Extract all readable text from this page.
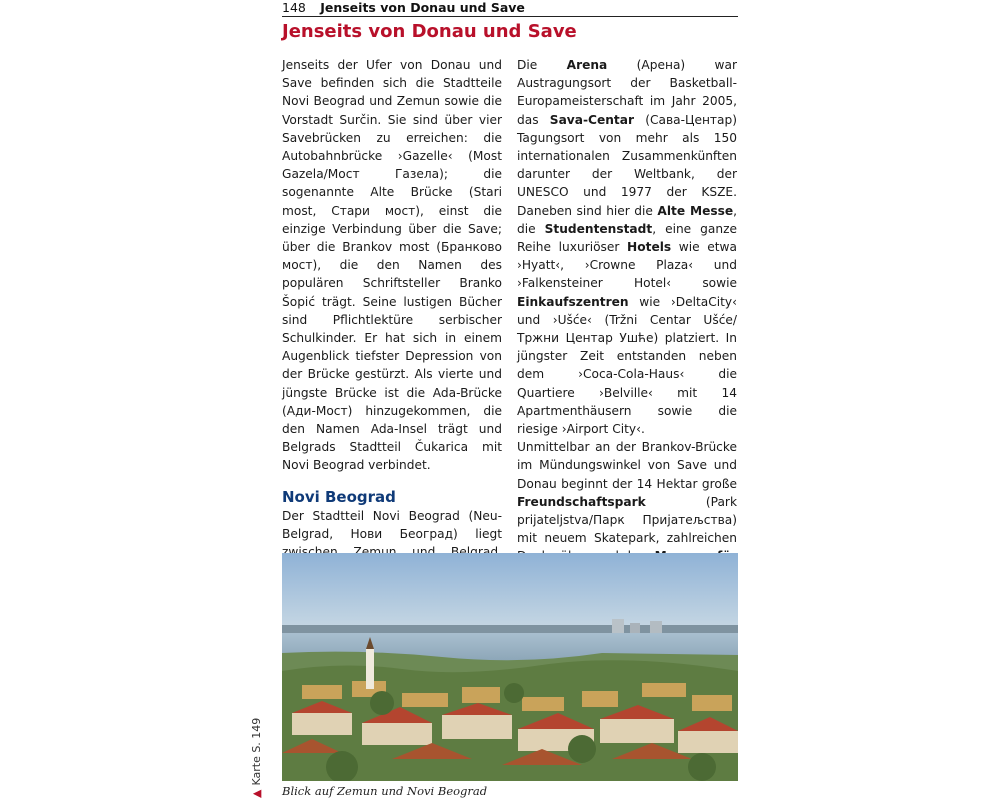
148 Jenseits von Donau und Save
Jenseits von Donau und Save

Jenseits der Ufer von Donau und Save befinden sich die Stadtteile Novi Beograd und Zemun sowie die Vorstadt Surčin. Sie sind über vier Savebrücken zu erreichen: die Autobahnbrücke ›Gazelle‹ (Most Gazela/Мост Газела); die sogenannte Alte Brücke (Stari most, Стари мост), einst die einzige Verbindung über die Save; über die Brankov most (Бранково мост), die den Namen des populären Schriftsteller Branko Šopić trägt. Seine lustigen Bücher sind Pflichtlektüre serbischer Schulkinder. Er hat sich in einem Augenblick tiefster Depression von der Brücke gestürzt. Als vierte und jüngste Brücke ist die Ada-Brücke (Ади-Мост) hinzugekommen, die den Namen Ada-Insel trägt und Belgrads Stadtteil Čukarica mit Novi Beograd verbindet.

Novi Beograd

Der Stadtteil Novi Beograd (Neu-Belgrad, Нови Београд) liegt

Die Arena (Арена) war Austragungsort der Basketball-Europameisterschaft im Jahr 2005, das Sava-Centar (Сава-Центар) Tagungsort von mehr als 150 internationalen Zusammenkünften darunter der Weltbank, der UNESCO und 1977 der KSZE. Daneben sind hier die Alte Messe, die Studentenstadt, eine ganze Reihe luxuriöser Hotels wie etwa ›Hyatt‹, ›Crowne Plaza‹ und ›Falkensteiner Hotel‹ sowie Einkaufszentren wie ›DeltaCity‹ und ›Ušće‹ (Tržni Centar Ušće/Тржни Центар Ушће) platziert. In jüngster Zeit entstanden neben dem ›Coca-Cola-Haus‹ die Quartiere ›Belville‹ mit 14 Apartmenthäusern sowie die riesige ›Airport City‹.

Unmittelbar an der Brankov-Brücke im Mündungswinkel von Save und Donau beginnt der 14 Hektar große Freundschaftspark	(Park prijateljstva/Парк Пријатељства) mit neuem Skatepark, zahlreichen

Blick auf Zemun und Novi Beograd
▲Karte S. 149
